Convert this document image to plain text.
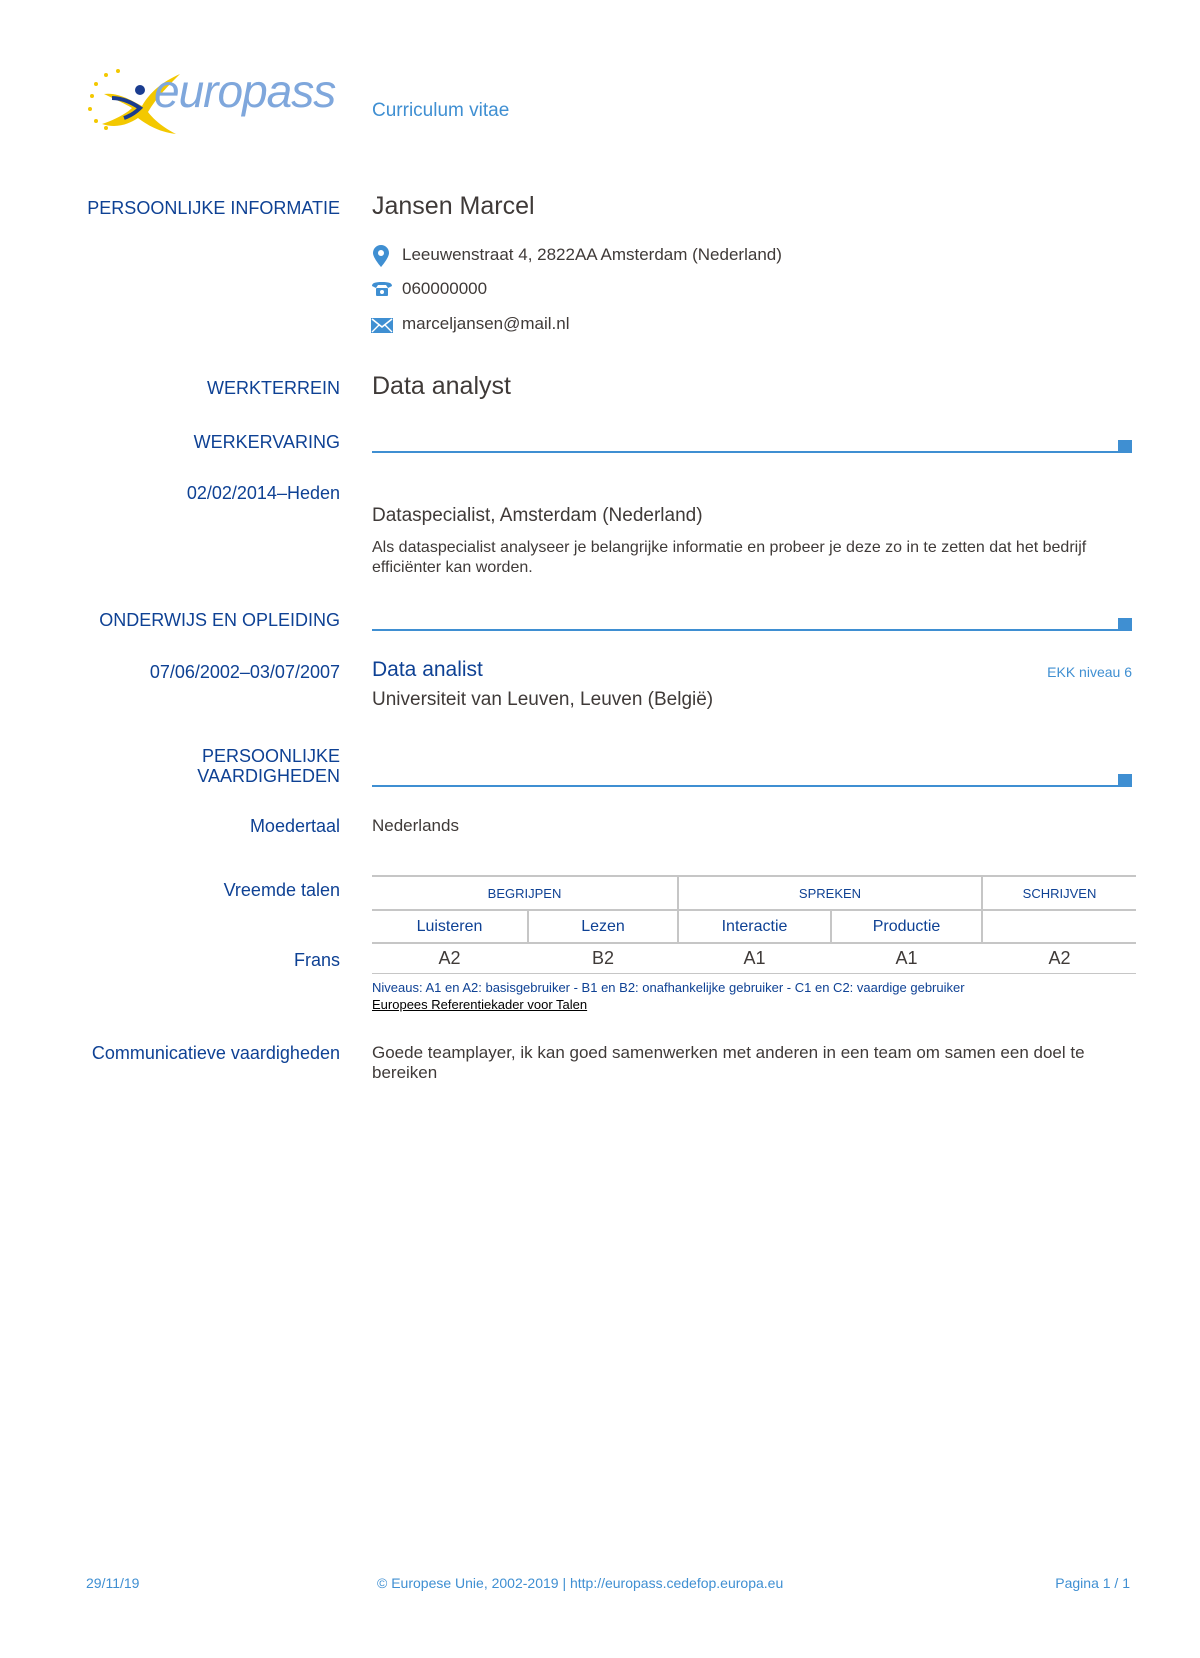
europass Curriculum vitae
PERSOONLIJKE INFORMATIE Jansen Marcel
Leeuwenstraat 4, 2822AA Amsterdam (Nederland)
060000000
marceljansen@mail.nl
WERKTERREIN Data analyst
WERKERVARING
02/02/2014–Heden
Dataspecialist, Amsterdam (Nederland)
Als dataspecialist analyseer je belangrijke informatie en probeer je deze zo in te zetten dat het bedrijf efficiënter kan worden.
ONDERWIJS EN OPLEIDING
07/06/2002–03/07/2007 Data analist	EKK niveau 6
Universiteit van Leuven, Leuven (België)
PERSOONLIJKE
VAARDIGHEDEN
Moedertaal Nederlands
Vreemde talen	BEGRIJPEN	SPREKEN	SCHRIJVEN
Luisteren	Lezen	Interactie	Productie
Frans	A2	B2	A1	A1	A2
Niveaus: A1 en A2: basisgebruiker - B1 en B2: onafhankelijke gebruiker - C1 en C2: vaardige gebruiker
Europees Referentiekader voor Talen
Communicatieve vaardigheden Goede teamplayer, ik kan goed samenwerken met anderen in een team om samen een doel te bereiken
29/11/19	© Europese Unie, 2002-2019 | http://europass.cedefop.europa.eu	Pagina 1 / 1
